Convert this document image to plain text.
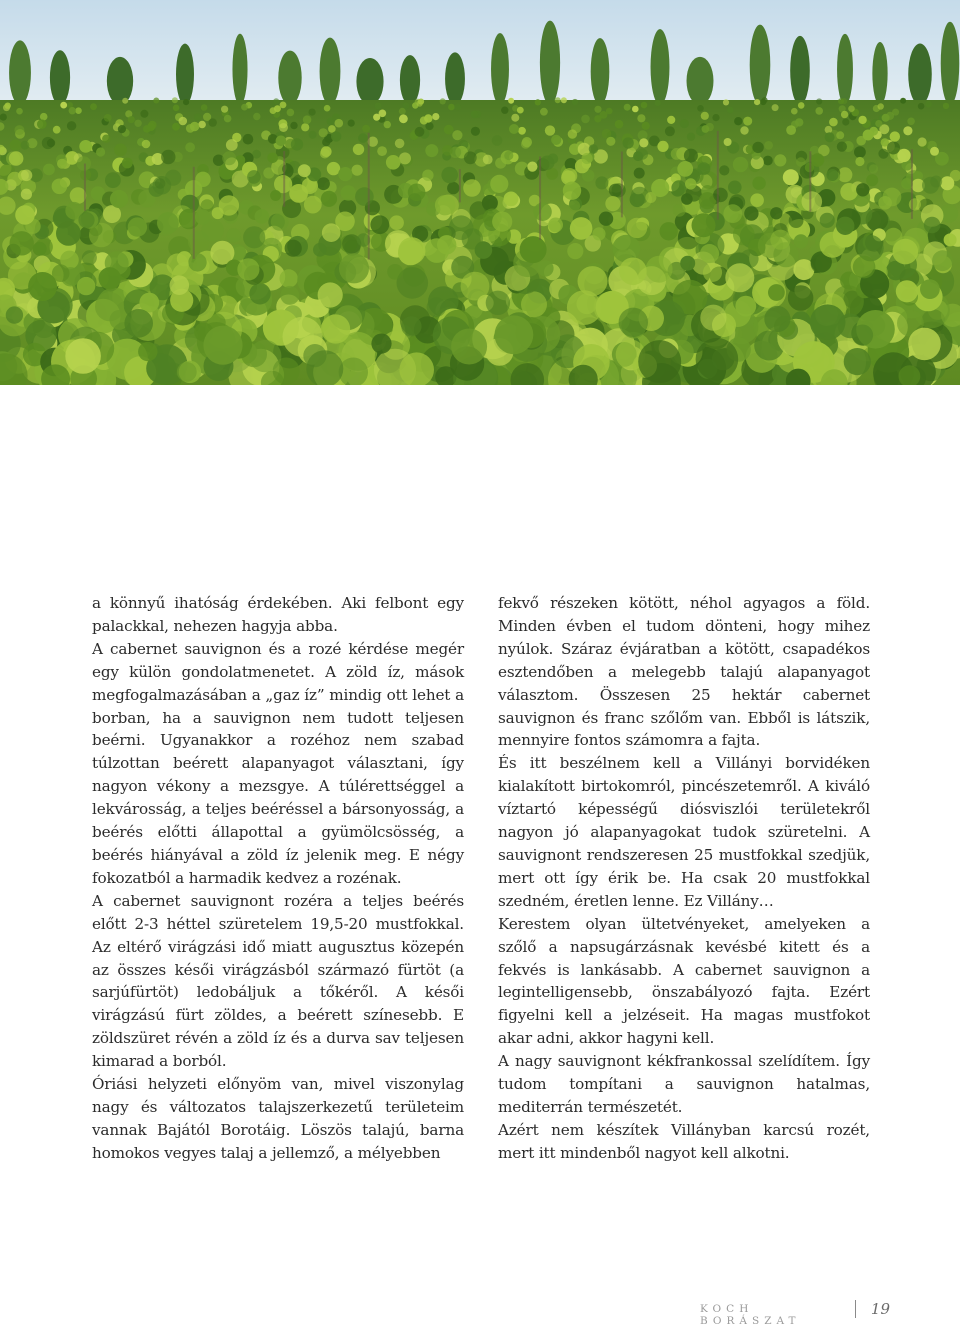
a könnyű ihatóság érdekében. Aki felbont egy palackkal, nehezen hagyja abba.

A cabernet sauvignon és a rozé kérdése megér egy külön gondolatmenetet. A zöld íz, mások megfogalmazásában a „gaz íz” mindig ott lehet a borban, ha a sauvignon nem tudott teljesen beérni. Ugyanakkor a rozéhoz nem szabad túlzottan beérett alapanyagot választani, így nagyon vékony a mezsgye. A túlérettséggel a lekvárosság, a teljes beéréssel a bársonyosság, a beérés előtti állapottal a gyümölcsösség, a beérés hiányával a zöld íz jelenik meg. E négy fokozatból a harmadik kedvez a rozénak.

A cabernet sauvignont rozéra a teljes beérés előtt 2-3 héttel szüretelem 19,5-20 mustfokkal. Az eltérő virágzási idő miatt augusztus közepén az összes késői virágzásból származó fürtöt (a sarjúfürtöt) ledobáljuk a tőkéről. A késői virágzású fürt zöldes, a beérett színesebb. E zöldszüret révén a zöld íz és a durva sav teljesen kimarad a borból.

Óriási helyzeti előnyöm van, mivel viszonylag nagy és változatos talajszerkezetű területeim vannak Bajától Borotáig. Löszös talajú, barna homokos vegyes talaj a jellemző, a mélyebben

fekvő részeken kötött, néhol agyagos a föld. Minden évben el tudom dönteni, hogy mihez nyúlok. Száraz évjáratban a kötött, csapadékos esztendőben a melegebb talajú alapanyagot választom. Összesen 25 hektár cabernet sauvignon és franc szőlőm van. Ebből is látszik, mennyire fontos számomra a fajta.

És itt beszélnem kell a Villányi borvidéken kialakított birtokomról, pincészetemről. A kiváló víztartó képességű diósviszlói területekről nagyon jó alapanyagokat tudok szüretelni. A sauvignont rendszeresen 25 mustfokkal szedjük, mert ott így érik be. Ha csak 20 mustfokkal szedném, éretlen lenne. Ez Villány…

Kerestem olyan ültetvényeket, amelyeken a szőlő a napsugárzásnak kevésbé kitett és a fekvés is lankásabb. A cabernet sauvignon a legintelligensebb, önszabályozó fajta. Ezért figyelni kell a jelzéseit. Ha magas mustfokot akar adni, akkor hagyni kell.

A nagy sauvignont kékfrankossal szelídítem. Így tudom tompítani a sauvignon hatalmas, mediterrán természetét.

Azért nem készítek Villányban karcsú rozét, mert itt mindenből nagyot kell alkotni.

KOCH BORÁSZAT
19
